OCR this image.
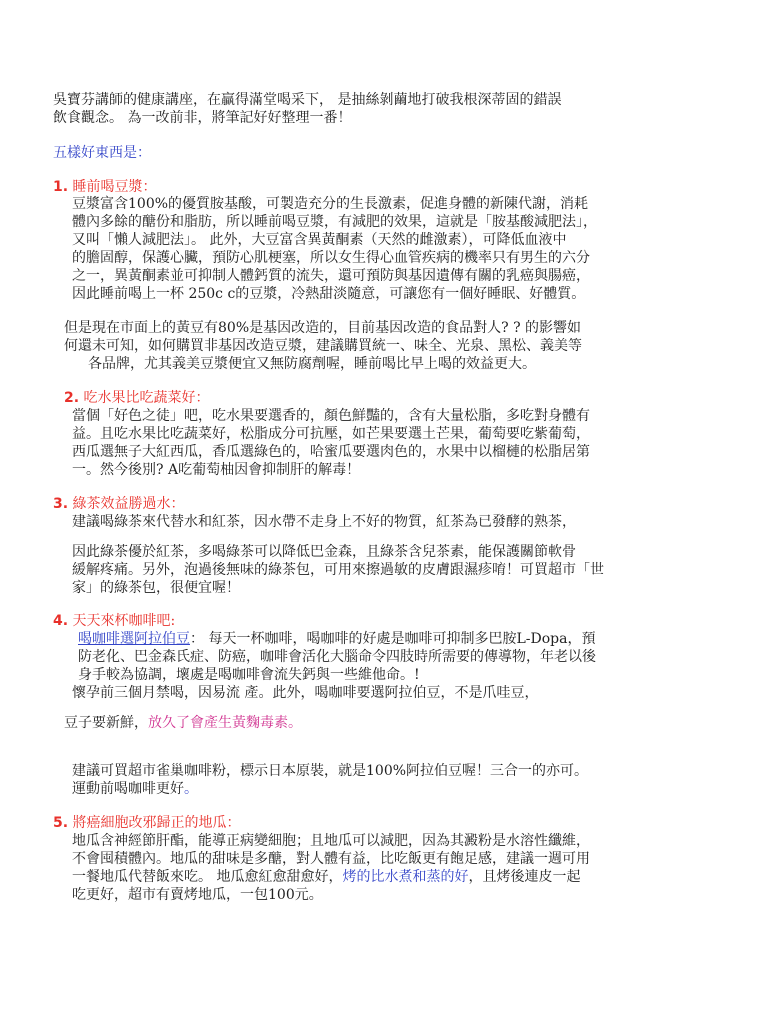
吳寶芬講師的健康講座，在贏得滿堂喝采下， 是抽絲剝繭地打破我根深蒂固的錯誤
飲食觀念。 為一改前非，將筆記好好整理一番！
五樣好東西是：
1. 睡前喝豆漿：
豆漿富含100%的優質胺基酸，可製造充分的生長激素，促進身體的新陳代謝，消耗
體內多餘的醣份和脂肪，所以睡前喝豆漿，有減肥的效果，這就是「胺基酸減肥法」，
又叫「懶人減肥法」。 此外，大豆富含異黃酮素（天然的雌激素），可降低血液中
的膽固醇，保護心臟，預防心肌梗塞，所以女生得心血管疾病的機率只有男生的六分
之一，異黃酮素並可抑制人體鈣質的流失，還可預防與基因遺傳有關的乳癌與腸癌，
因此睡前喝上一杯 250c c的豆漿，冷熱甜淡隨意，可讓您有一個好睡眠、好體質。
但是現在市面上的黃豆有80%是基因改造的，目前基因改造的食品對人? ? 的影響如
何還未可知，如何購買非基因改造豆漿，建議購買統一、味全、光泉、黑松、義美等
各品牌，尤其義美豆漿便宜又無防腐劑喔，睡前喝比早上喝的效益更大。
2. 吃水果比吃蔬菜好：
當個「好色之徒」吧，吃水果要選香的，顏色鮮豔的，含有大量松脂，多吃對身體有
益。且吃水果比吃蔬菜好，松脂成分可抗壓，如芒果要選土芒果，葡萄要吃紫葡萄，
西瓜選無子大紅西瓜，香瓜選綠色的，哈蜜瓜要選肉色的，水果中以榴槤的松脂居第
一。然今後別? A吃葡萄柚因會抑制肝的解毒！
3. 綠茶效益勝過水：
建議喝綠茶來代替水和紅茶，因水帶不走身上不好的物質，紅茶為已發酵的熟茶，
因此綠茶優於紅茶，多喝綠茶可以降低巴金森，且綠茶含兒茶素，能保護關節軟骨
緩解疼痛。另外，泡過後無味的綠茶包，可用來擦過敏的皮膚跟濕疹唷！可買超市「世
家」的綠茶包，很便宜喔！
4. 天天來杯咖啡吧:
喝咖啡選阿拉伯豆： 每天一杯咖啡，喝咖啡的好處是咖啡可抑制多巴胺L-Dopa，預
防老化、巴金森氏症、防癌，咖啡會活化大腦命令四肢時所需要的傳導物，年老以後
身手較為協調，壞處是喝咖啡會流失鈣與一些維他命。!
懷孕前三個月禁喝，因易流 產。此外，喝咖啡要選阿拉伯豆，不是爪哇豆，
豆子要新鮮，放久了會產生黃麴毒素。
建議可買超市雀巢咖啡粉，標示日本原裝，就是100%阿拉伯豆喔！三合一的亦可。
運動前喝咖啡更好。
5. 將癌細胞改邪歸正的地瓜：
地瓜含神經節肝酯，能導正病變細胞；且地瓜可以減肥，因為其澱粉是水溶性纖維，
不會囤積體內。地瓜的甜味是多醣，對人體有益，比吃飯更有飽足感，建議一週可用
一餐地瓜代替飯來吃。 地瓜愈紅愈甜愈好，烤的比水煮和蒸的好，且烤後連皮一起
吃更好，超市有賣烤地瓜，一包100元。
